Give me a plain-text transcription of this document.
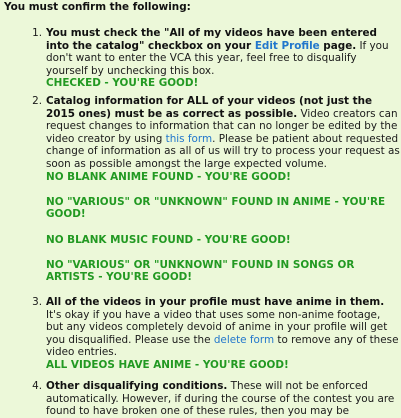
You must confirm the following:
1. You must check the "All of my videos have been entered into the catalog" checkbox on your Edit Profile page. If you don't want to enter the VCA this year, feel free to disqualify yourself by unchecking this box.
CHECKED - YOU'RE GOOD!
2. Catalog information for ALL of your videos (not just the 2015 ones) must be as correct as possible. Video creators can request changes to information that can no longer be edited by the video creator by using this form. Please be patient about requested change of information as all of us will try to process your request as soon as possible amongst the large expected volume.
NO BLANK ANIME FOUND - YOU'RE GOOD!
NO "VARIOUS" OR "UNKNOWN" FOUND IN ANIME - YOU'RE GOOD!
NO BLANK MUSIC FOUND - YOU'RE GOOD!
NO "VARIOUS" OR "UNKNOWN" FOUND IN SONGS OR ARTISTS - YOU'RE GOOD!
3. All of the videos in your profile must have anime in them. It's okay if you have a video that uses some non-anime footage, but any videos completely devoid of anime in your profile will get you disqualified. Please use the delete form to remove any of these video entries.
ALL VIDEOS HAVE ANIME - YOU'RE GOOD!
4. Other disqualifying conditions. These will not be enforced automatically. However, if during the course of the contest you are found to have broken one of these rules, then you may be
